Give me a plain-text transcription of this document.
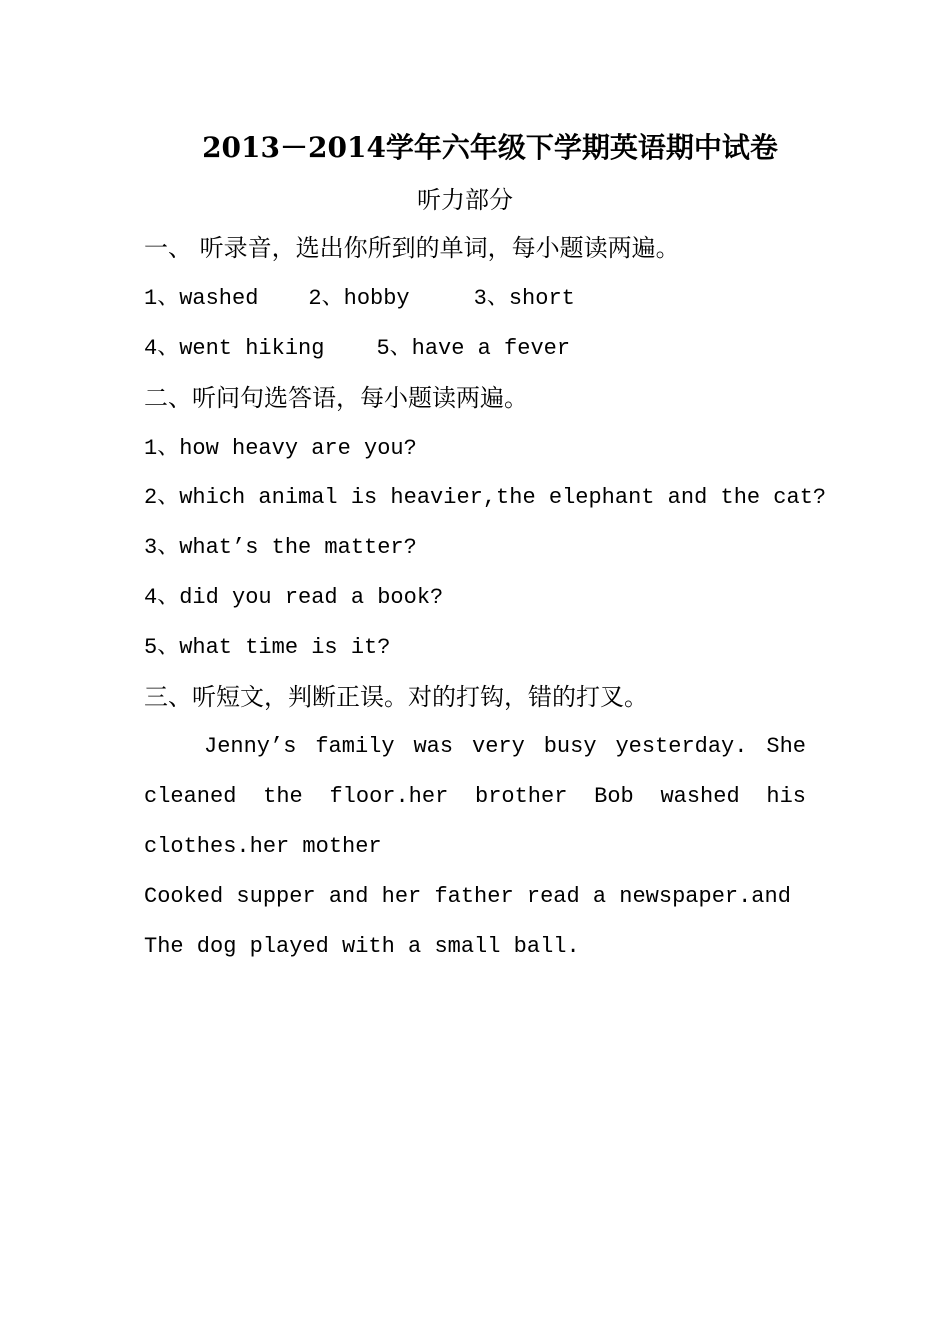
2013－2014学年六年级下学期英语期中试卷
听力部分
一、 听录音，选出你所到的单词，每小题读两遍。
1、washed 2、hobby	3、short
4、went hiking 5、have a fever
二、听问句选答语，每小题读两遍。
1、how heavy are you?
2、which animal is heavier,the elephant and the cat?
3、what’s the matter?
4、did you read a book?
5、what time is it?
三、听短文，判断正误。对的打钩，错的打叉。
Jenny’s family was very busy yesterday. She
cleaned the floor.her brother Bob washed his
clothes.her mother
Cooked supper and her father read a newspaper.and
The dog played with a small ball.
